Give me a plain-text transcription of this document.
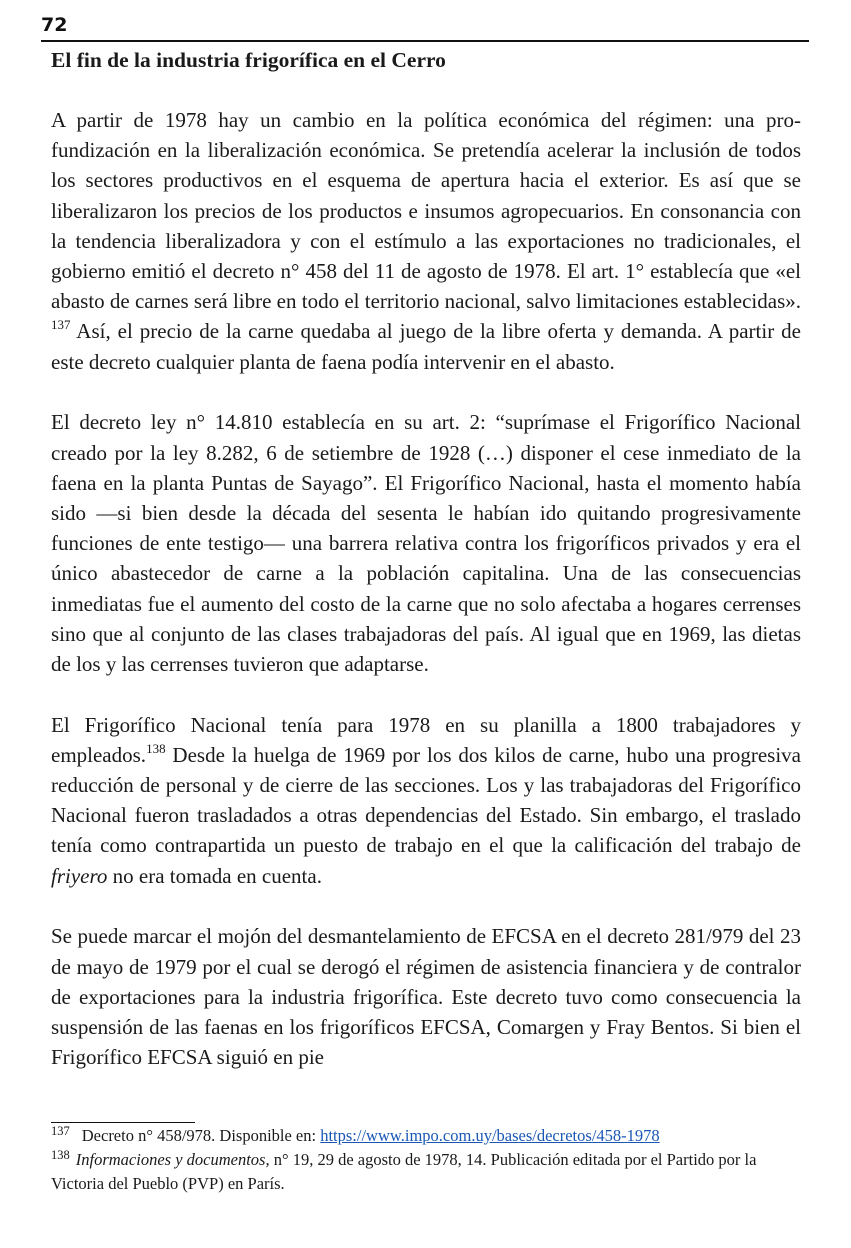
72
El fin de la industria frigorífica en el Cerro

A partir de 1978 hay un cambio en la política económica del régimen: una profundización en la liberalización económica. Se pretendía acelerar la inclusión de todos los sectores productivos en el esquema de apertura hacia el exterior. Es así que se liberalizaron los precios de los productos e insumos agropecuarios. En consonancia con la tendencia liberalizadora y con el estímulo a las exportaciones no tradicionales, el gobierno emitió el decreto n° 458 del 11 de agosto de 1978. El art. 1° establecía que «el abasto de carnes será libre en todo el territorio nacional, salvo limitaciones establecidas». $^{137}$ Así, el precio de la carne quedaba al juego de la libre oferta y demanda. A partir de este decreto cualquier planta de faena podía intervenir en el abasto.

El decreto ley n° 14.810 establecía en su art. 2: “suprímase el Frigorífico Nacional creado por la ley 8.282, 6 de setiembre de 1928 (…) disponer el cese inmediato de la faena en la planta Puntas de Sayago”. El Frigorífico Nacional, hasta el momento había sido —si bien desde la década del sesenta le habían ido quitando progresivamente funciones de ente testigo— una barrera relativa contra los frigoríficos privados y era el único abastecedor de carne a la población capitalina. Una de las consecuencias inmediatas fue el aumento del costo de la carne que no solo afectaba a hogares cerrenses sino que al conjunto de las clases trabajadoras del país. Al igual que en 1969, las dietas de los y las cerrenses tuvieron que adaptarse.

El Frigorífico Nacional tenía para 1978 en su planilla a 1800 trabajadores y empleados.$^{138}$ Desde la huelga de 1969 por los dos kilos de carne, hubo una progresiva reducción de personal y de cierre de las secciones. Los y las trabajadoras del Frigorífico Nacional fueron trasladados a otras dependencias del Estado. Sin embargo, el traslado tenía como contrapartida un puesto de trabajo en el que la calificación del trabajo de friyero no era tomada en cuenta.

Se puede marcar el mojón del desmantelamiento de EFCSA en el decreto 281/979 del 23 de mayo de 1979 por el cual se derogó el régimen de asistencia financiera y de contralor de exportaciones para la industria frigorífica. Este decreto tuvo como consecuencia la suspensión de las faenas en los frigoríficos EFCSA, Comargen y Fray Bentos. Si bien el Frigorífico EFCSA siguió en pie

$^{137}$ Decreto n° 458/978. Disponible en: https://www.impo.com.uy/bases/decretos/458-1978
$^{138}$ Informaciones y documentos, n° 19, 29 de agosto de 1978, 14. Publicación editada por el Partido por la Victoria del Pueblo (PVP) en París.
